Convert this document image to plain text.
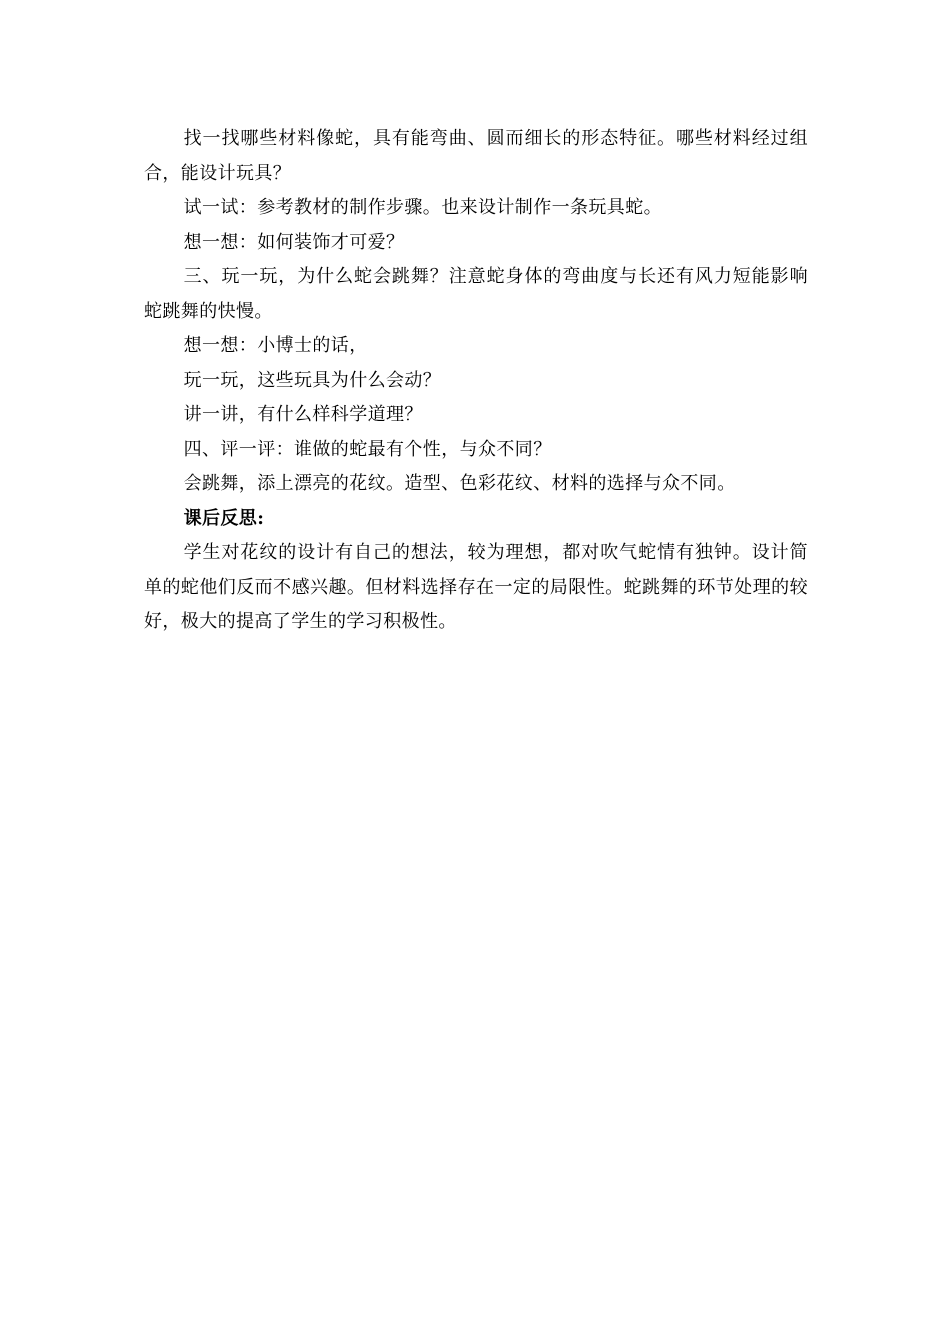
找一找哪些材料像蛇，具有能弯曲、圆而细长的形态特征。哪些材料经过组合，能设计玩具？

试一试：参考教材的制作步骤。也来设计制作一条玩具蛇。

想一想：如何装饰才可爱？

三、玩一玩，为什么蛇会跳舞？注意蛇身体的弯曲度与长还有风力短能影响蛇跳舞的快慢。

想一想：小博士的话，

玩一玩，这些玩具为什么会动？

讲一讲，有什么样科学道理？

四、评一评：谁做的蛇最有个性，与众不同？

会跳舞，添上漂亮的花纹。造型、色彩花纹、材料的选择与众不同。

课后反思:

学生对花纹的设计有自己的想法，较为理想，都对吹气蛇情有独钟。设计简单的蛇他们反而不感兴趣。但材料选择存在一定的局限性。蛇跳舞的环节处理的较好，极大的提高了学生的学习积极性。
